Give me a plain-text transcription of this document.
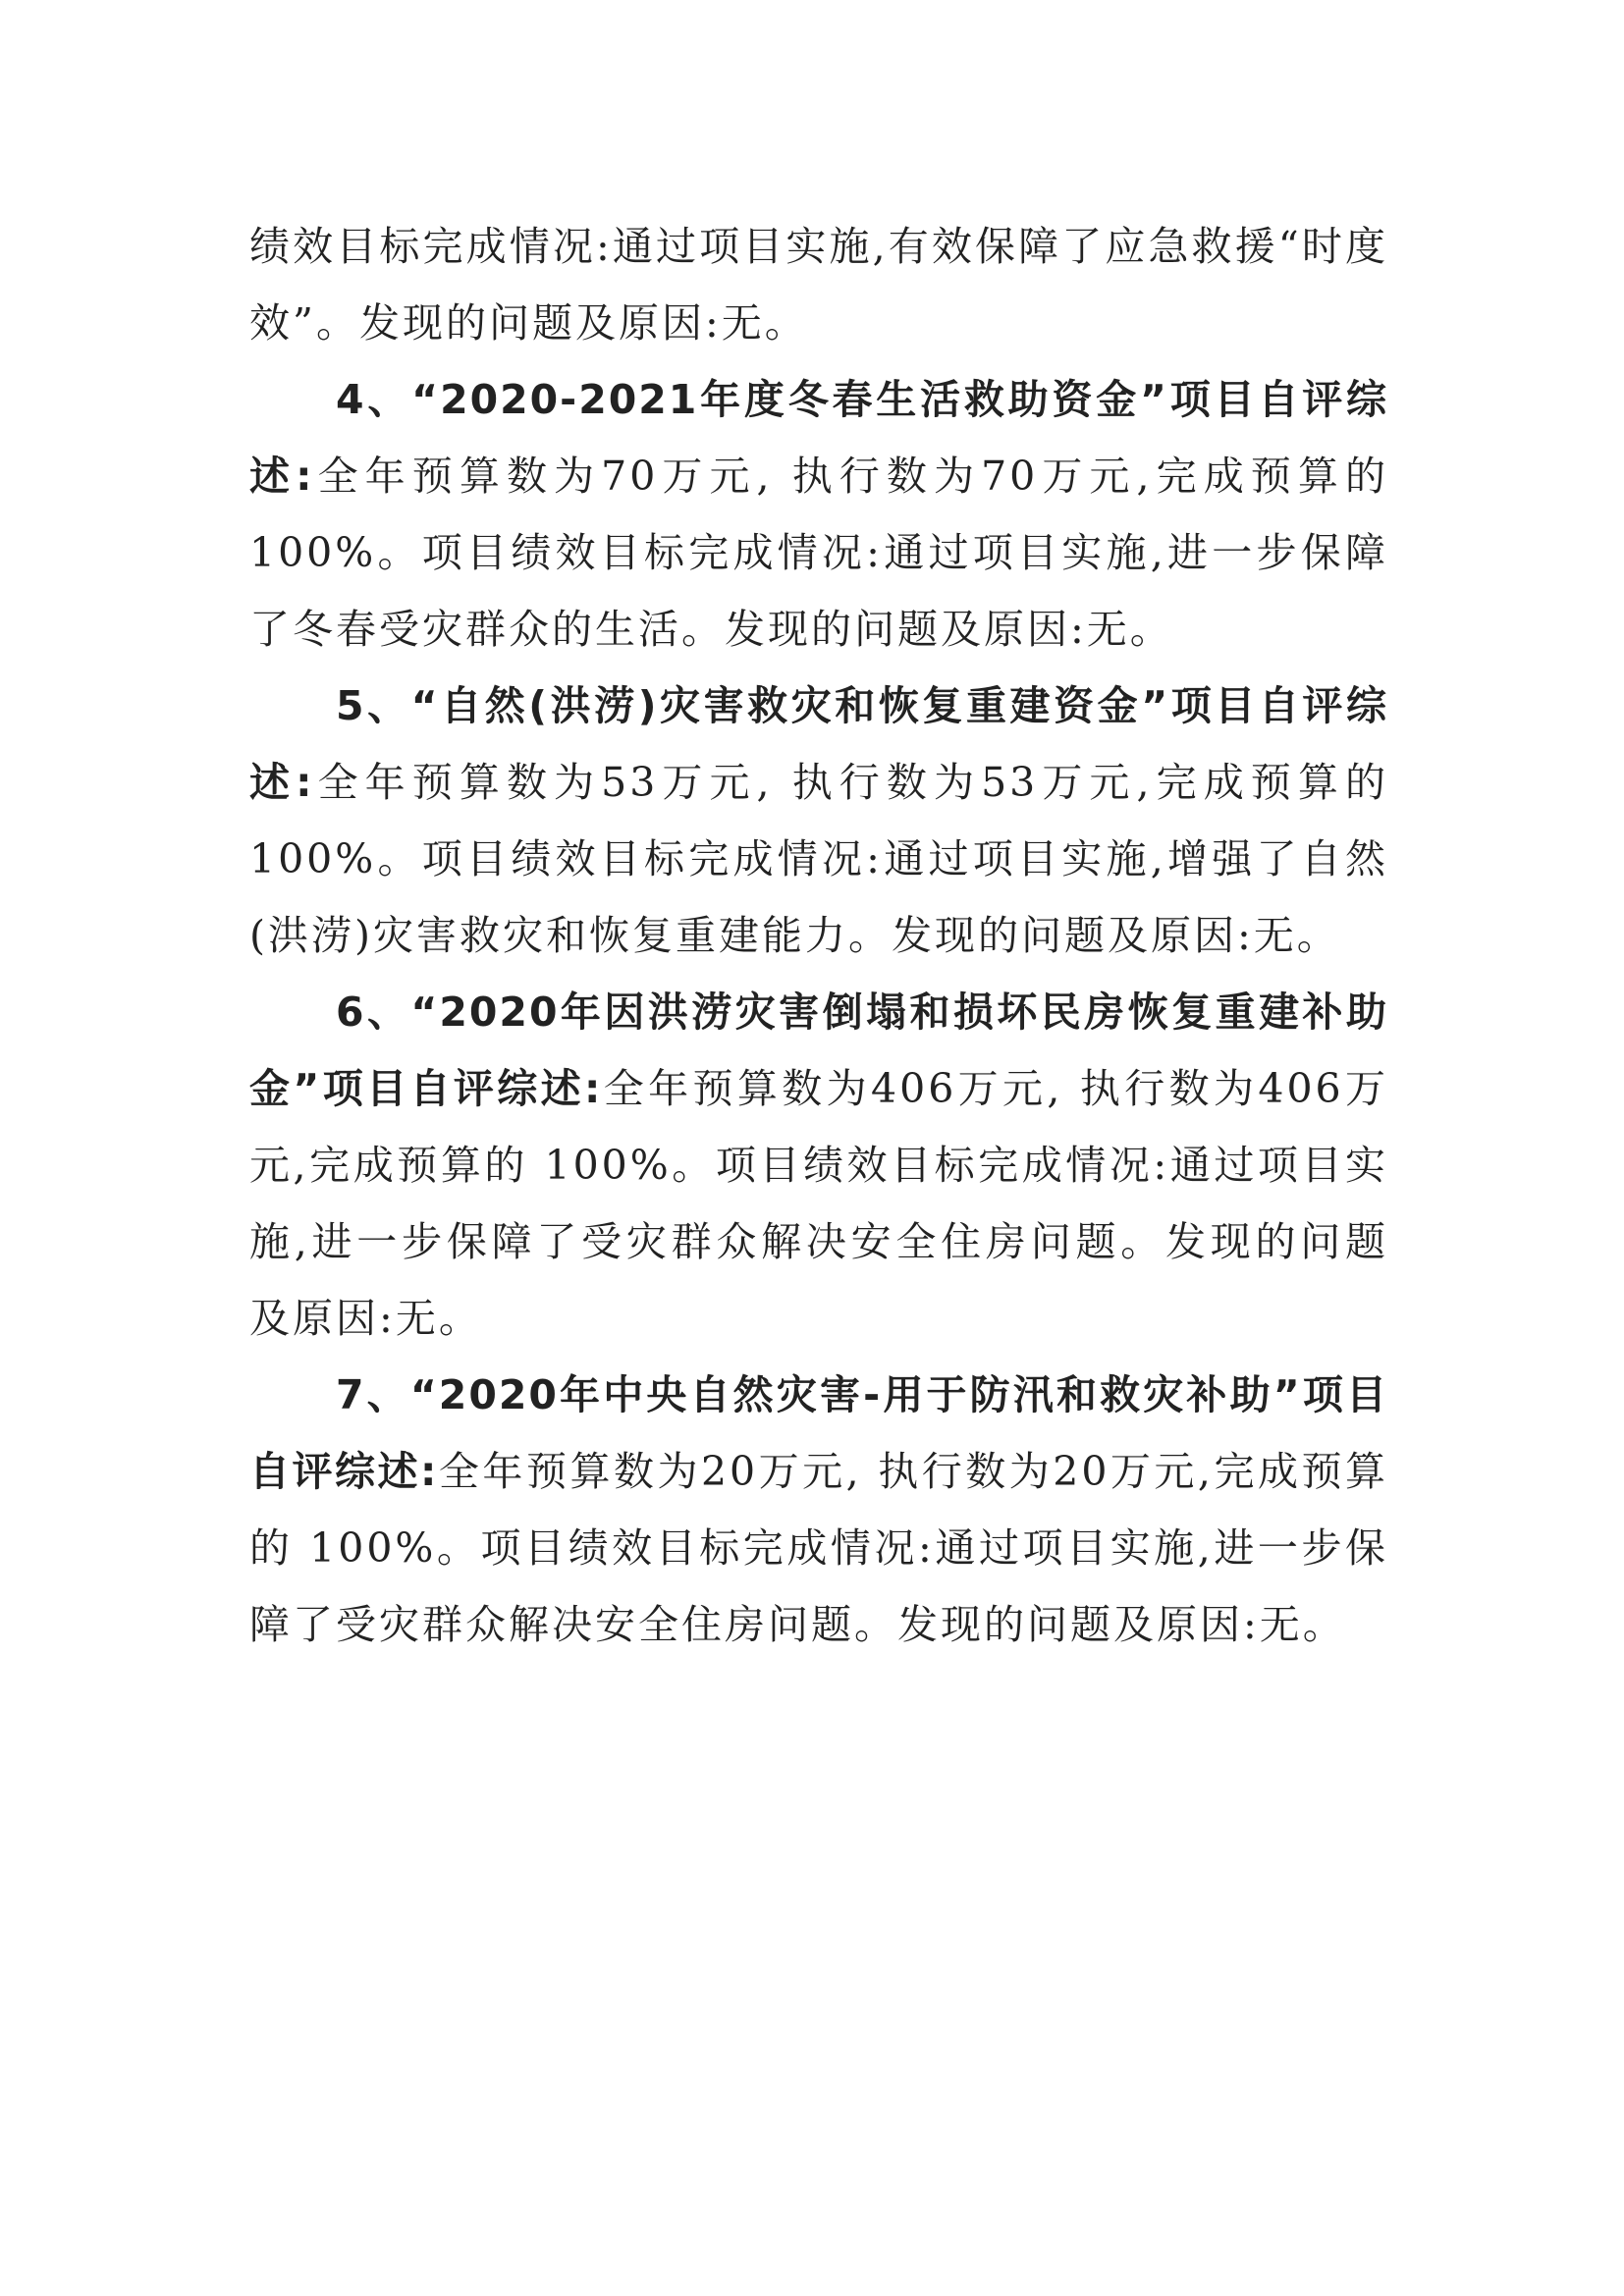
绩效目标完成情况:通过项目实施,有效保障了应急救援“时度效”。发现的问题及原因:无。

4、“2020-2021年度冬春生活救助资金”项目自评综述:全年预算数为70万元, 执行数为70万元,完成预算的100%。项目绩效目标完成情况:通过项目实施,进一步保障了冬春受灾群众的生活。发现的问题及原因:无。

5、“自然(洪涝)灾害救灾和恢复重建资金”项目自评综述:全年预算数为53万元, 执行数为53万元,完成预算的 100%。项目绩效目标完成情况:通过项目实施,增强了自然(洪涝)灾害救灾和恢复重建能力。发现的问题及原因:无。

6、“2020年因洪涝灾害倒塌和损坏民房恢复重建补助金”项目自评综述:全年预算数为406万元, 执行数为406万元,完成预算的 100%。项目绩效目标完成情况:通过项目实施,进一步保障了受灾群众解决安全住房问题。发现的问题及原因:无。

7、“2020年中央自然灾害-用于防汛和救灾补助”项目自评综述:全年预算数为20万元, 执行数为20万元,完成预算的 100%。项目绩效目标完成情况:通过项目实施,进一步保障了受灾群众解决安全住房问题。发现的问题及原因:无。
